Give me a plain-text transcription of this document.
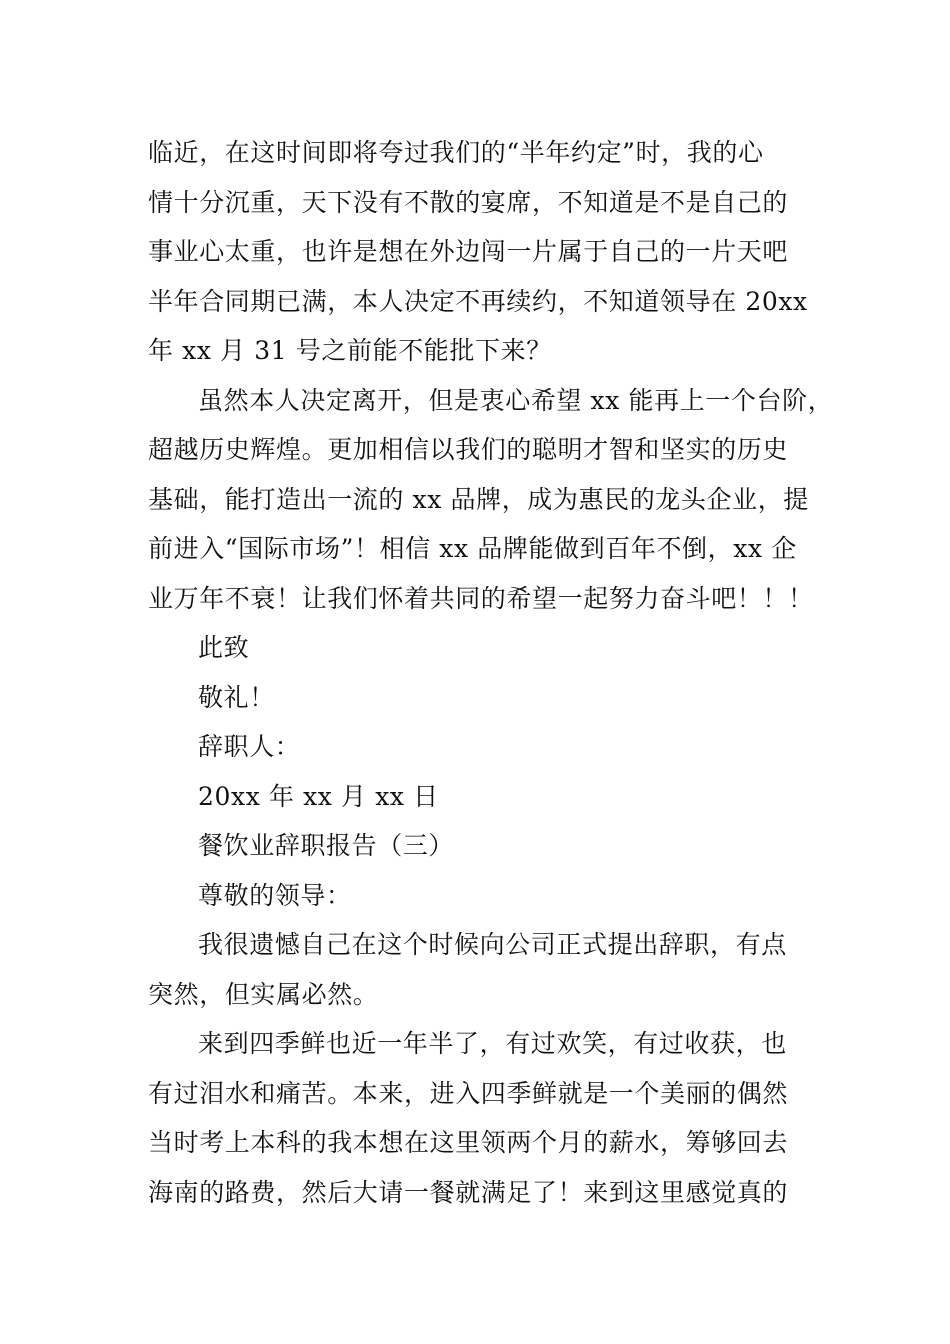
临近，在这时间即将夸过我们的“半年约定”时，我的心
情十分沉重，天下没有不散的宴席，不知道是不是自己的
事业心太重，也许是想在外边闯一片属于自己的一片天吧
半年合同期已满，本人决定不再续约，不知道领导在 20xx
年 xx 月 31 号之前能不能批下来？

虽然本人决定离开，但是衷心希望 xx 能再上一个台阶，
超越历史辉煌。更加相信以我们的聪明才智和坚实的历史
基础，能打造出一流的 xx 品牌，成为惠民的龙头企业，提
前进入“国际市场”！相信 xx 品牌能做到百年不倒，xx 企
业万年不衰！让我们怀着共同的希望一起努力奋斗吧！！！

此致

敬礼！

辞职人：

20xx 年 xx 月 xx 日

餐饮业辞职报告（三）

尊敬的领导：

我很遗憾自己在这个时候向公司正式提出辞职，有点
突然，但实属必然。

来到四季鲜也近一年半了，有过欢笑，有过收获，也
有过泪水和痛苦。本来，进入四季鲜就是一个美丽的偶然
当时考上本科的我本想在这里领两个月的薪水，筹够回去
海南的路费，然后大请一餐就满足了！来到这里感觉真的
